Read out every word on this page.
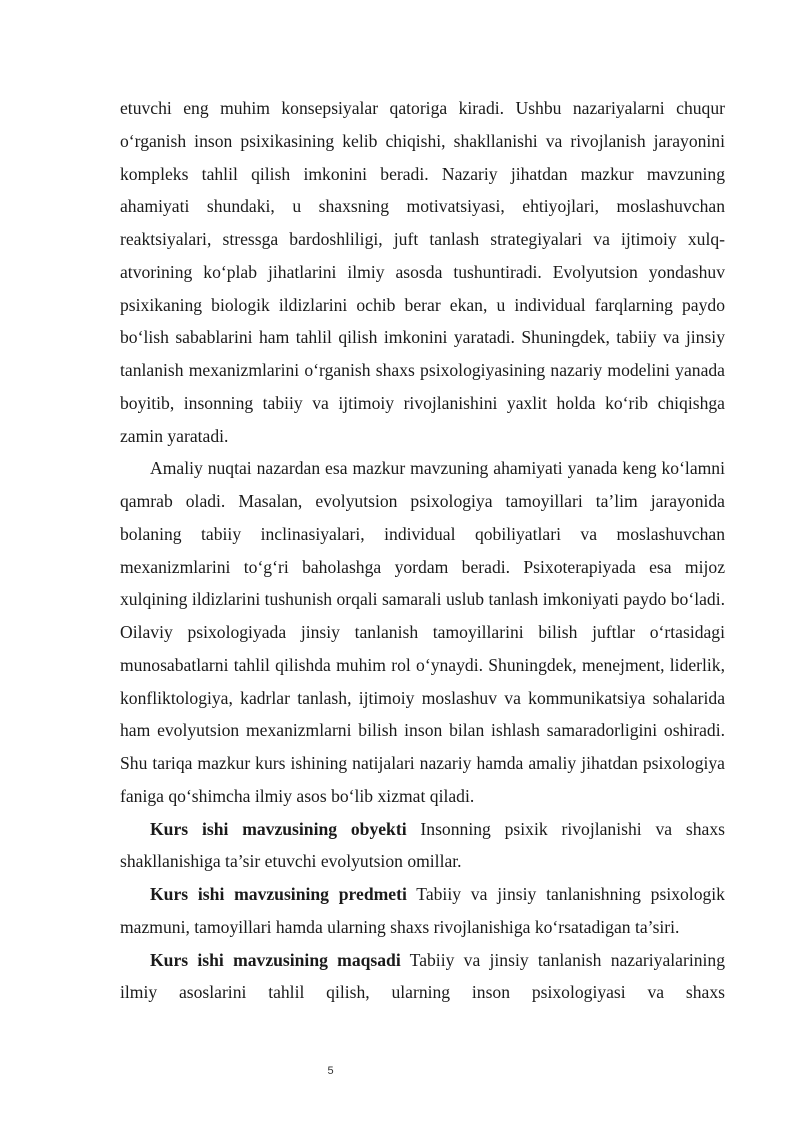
etuvchi eng muhim konsepsiyalar qatoriga kiradi. Ushbu nazariyalarni chuqur o‘rganish inson psixikasining kelib chiqishi, shakllanishi va rivojlanish jarayonini kompleks tahlil qilish imkonini beradi. Nazariy jihatdan mazkur mavzuning ahamiyati shundaki, u shaxsning motivatsiyasi, ehtiyojlari, moslashuvchan reaktsiyalari, stressga bardoshliligi, juft tanlash strategiyalari va ijtimoiy xulq-atvorining ko‘plab jihatlarini ilmiy asosda tushuntiradi. Evolyutsion yondashuv psixikaning biologik ildizlarini ochib berar ekan, u individual farqlarning paydo bo‘lish sabablarini ham tahlil qilish imkonini yaratadi. Shuningdek, tabiiy va jinsiy tanlanish mexanizmlarini o‘rganish shaxs psixologiyasining nazariy modelini yanada boyitib, insonning tabiiy va ijtimoiy rivojlanishini yaxlit holda ko‘rib chiqishga zamin yaratadi.

Amaliy nuqtai nazardan esa mazkur mavzuning ahamiyati yanada keng ko‘lamni qamrab oladi. Masalan, evolyutsion psixologiya tamoyillari ta’lim jarayonida bolaning tabiiy inclinasiyalari, individual qobiliyatlari va moslashuvchan mexanizmlarini to‘g‘ri baholashga yordam beradi. Psixoterapiyada esa mijoz xulqining ildizlarini tushunish orqali samarali uslub tanlash imkoniyati paydo bo‘ladi. Oilaviy psixologiyada jinsiy tanlanish tamoyillarini bilish juftlar o‘rtasidagi munosabatlarni tahlil qilishda muhim rol o‘ynaydi. Shuningdek, menejment, liderlik, konfliktologiya, kadrlar tanlash, ijtimoiy moslashuv va kommunikatsiya sohalarida ham evolyutsion mexanizmlarni bilish inson bilan ishlash samaradorligini oshiradi. Shu tariqa mazkur kurs ishining natijalari nazariy hamda amaliy jihatdan psixologiya faniga qo‘shimcha ilmiy asos bo‘lib xizmat qiladi.

Kurs ishi mavzusining obyekti Insonning psixik rivojlanishi va shaxs shakllanishiga ta’sir etuvchi evolyutsion omillar.

Kurs ishi mavzusining predmeti Tabiiy va jinsiy tanlanishning psixologik mazmuni, tamoyillari hamda ularning shaxs rivojlanishiga ko‘rsatadigan ta’siri.

Kurs ishi mavzusining maqsadi Tabiiy va jinsiy tanlanish nazariyalarining ilmiy asoslarini tahlil qilish, ularning inson psixologiyasi va shaxs

5
